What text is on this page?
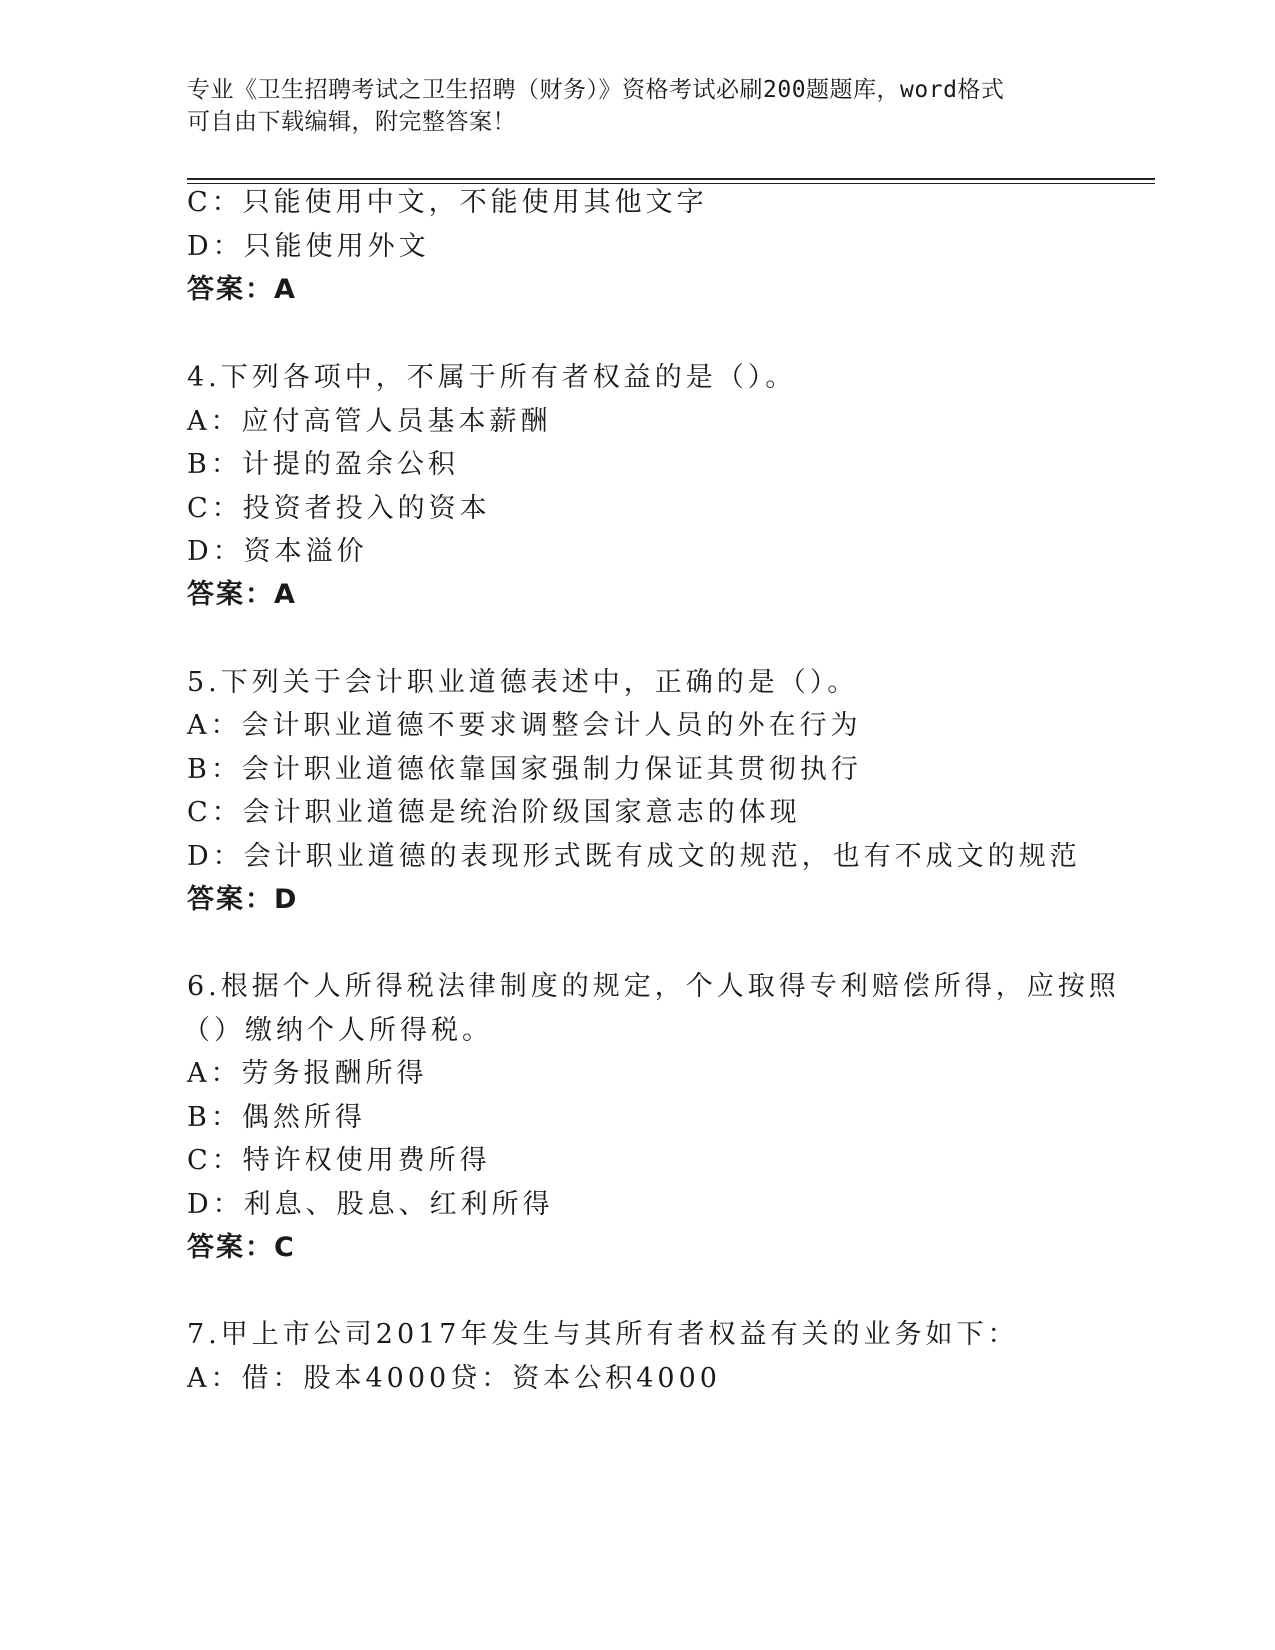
专业《卫生招聘考试之卫生招聘（财务）》资格考试必刷200题题库，word格式
可自由下载编辑，附完整答案！
C：只能使用中文，不能使用其他文字
D：只能使用外文
答案：A
4.下列各项中，不属于所有者权益的是（）。
A：应付高管人员基本薪酬
B：计提的盈余公积
C：投资者投入的资本
D：资本溢价
答案：A
5.下列关于会计职业道德表述中，正确的是（）。
A：会计职业道德不要求调整会计人员的外在行为
B：会计职业道德依靠国家强制力保证其贯彻执行
C：会计职业道德是统治阶级国家意志的体现
D：会计职业道德的表现形式既有成文的规范，也有不成文的规范
答案：D
6.根据个人所得税法律制度的规定，个人取得专利赔偿所得，应按照
（）缴纳个人所得税。
A：劳务报酬所得
B：偶然所得
C：特许权使用费所得
D：利息、股息、红利所得
答案：C
7.甲上市公司2017年发生与其所有者权益有关的业务如下：
A：借：股本4000贷：资本公积4000
